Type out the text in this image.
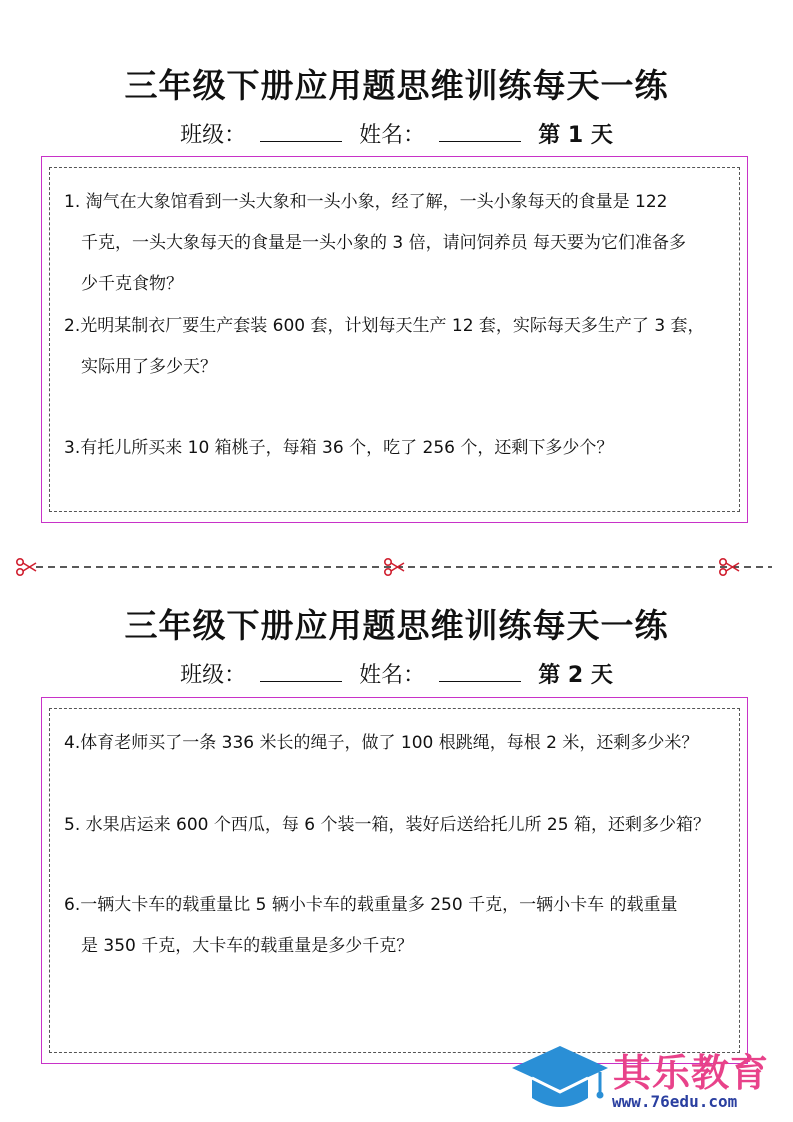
三年级下册应用题思维训练每天一练
班级：	姓名：	第 1 天
1. 淘气在大象馆看到一头大象和一头小象，经了解，一头小象每天的食量是 122
千克，一头大象每天的食量是一头小象的 3 倍，请问饲养员 每天要为它们准备多
少千克食物？
2.光明某制衣厂要生产套装 600 套，计划每天生产 12 套，实际每天多生产了 3 套，
实际用了多少天？
3.有托儿所买来 10 箱桃子，每箱 36 个，吃了 256 个，还剩下多少个？
三年级下册应用题思维训练每天一练
班级：	姓名：	第 2 天
4.体育老师买了一条 336 米长的绳子，做了 100 根跳绳，每根 2 米，还剩多少米？
5. 水果店运来 600 个西瓜，每 6 个装一箱，装好后送给托儿所 25 箱，还剩多少箱？
6.一辆大卡车的载重量比 5 辆小卡车的载重量多 250 千克，一辆小卡车 的载重量
是 350 千克，大卡车的载重量是多少千克？
其乐教育
www.76edu.com
